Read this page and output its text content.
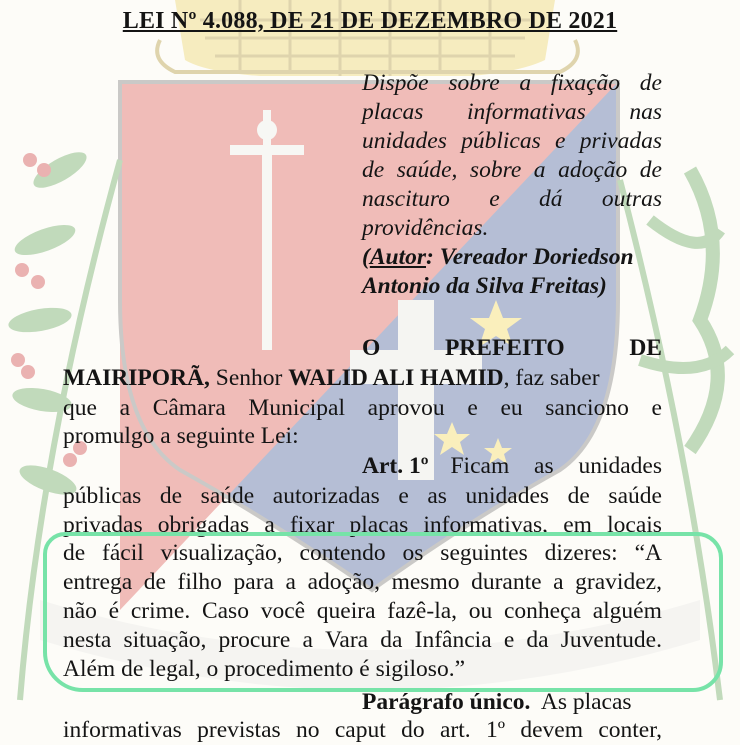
LEI Nº 4.088, DE 21 DE DEZEMBRO DE 2021
Dispõe sobre a fixação de
placas informativas nas
unidades públicas e privadas
de saúde, sobre a adoção de
nascituro e dá outras
providências.
(Autor: Vereador Doriedson
Antonio da Silva Freitas)
O	PREFEITO	DE
MAIRIPORÃ, Senhor WALID ALI HAMID, faz saber
que a Câmara Municipal aprovou e eu sanciono e
promulgo a seguinte Lei:
Art. 1º Ficam as unidades
públicas de saúde autorizadas e as unidades de saúde
privadas obrigadas a fixar placas informativas, em locais
de fácil visualização, contendo os seguintes dizeres: “A
entrega de filho para a adoção, mesmo durante a gravidez,
não é crime. Caso você queira fazê-la, ou conheça alguém
nesta situação, procure a Vara da Infância e da Juventude.
Além de legal, o procedimento é sigiloso.”
Parágrafo único.  As placas
informativas previstas no caput do art. 1º devem conter,
